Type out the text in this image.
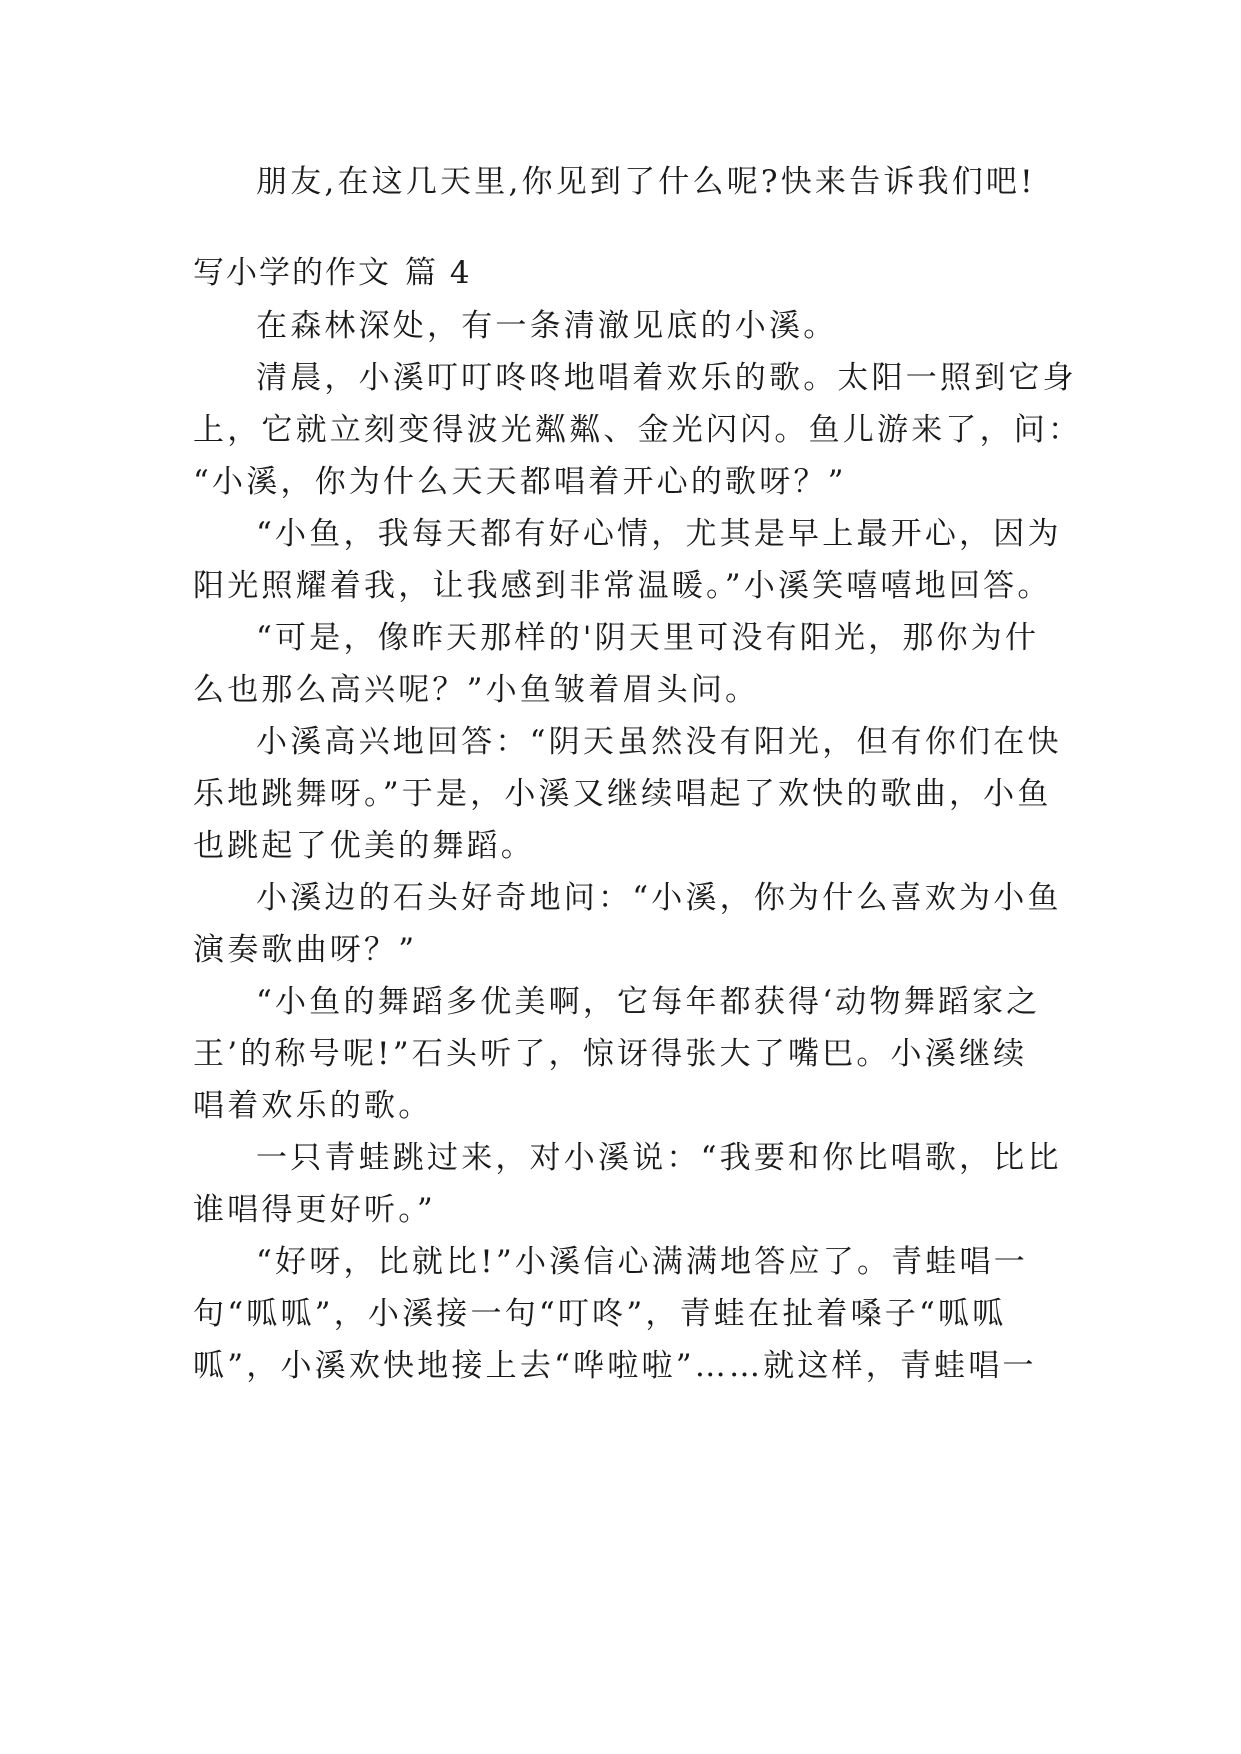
朋友,在这几天里,你见到了什么呢?快来告诉我们吧!

写小学的作文 篇 4

在森林深处，有一条清澈见底的小溪。

清晨，小溪叮叮咚咚地唱着欢乐的歌。太阳一照到它身

上，它就立刻变得波光粼粼、金光闪闪。鱼儿游来了，问：

“小溪，你为什么天天都唱着开心的歌呀？”

“小鱼，我每天都有好心情，尤其是早上最开心，因为

阳光照耀着我，让我感到非常温暖。”小溪笑嘻嘻地回答。

“可是，像昨天那样的'阴天里可没有阳光，那你为什

么也那么高兴呢？”小鱼皱着眉头问。

小溪高兴地回答：“阴天虽然没有阳光，但有你们在快

乐地跳舞呀。”于是，小溪又继续唱起了欢快的歌曲，小鱼

也跳起了优美的舞蹈。

小溪边的石头好奇地问：“小溪，你为什么喜欢为小鱼

演奏歌曲呀？”

“小鱼的舞蹈多优美啊，它每年都获得‘动物舞蹈家之

王’的称号呢!”石头听了，惊讶得张大了嘴巴。小溪继续

唱着欢乐的歌。

一只青蛙跳过来，对小溪说：“我要和你比唱歌，比比

谁唱得更好听。”

“好呀，比就比!”小溪信心满满地答应了。青蛙唱一

句“呱呱”，小溪接一句“叮咚”，青蛙在扯着嗓子“呱呱

呱”，小溪欢快地接上去“哗啦啦”……就这样，青蛙唱一
